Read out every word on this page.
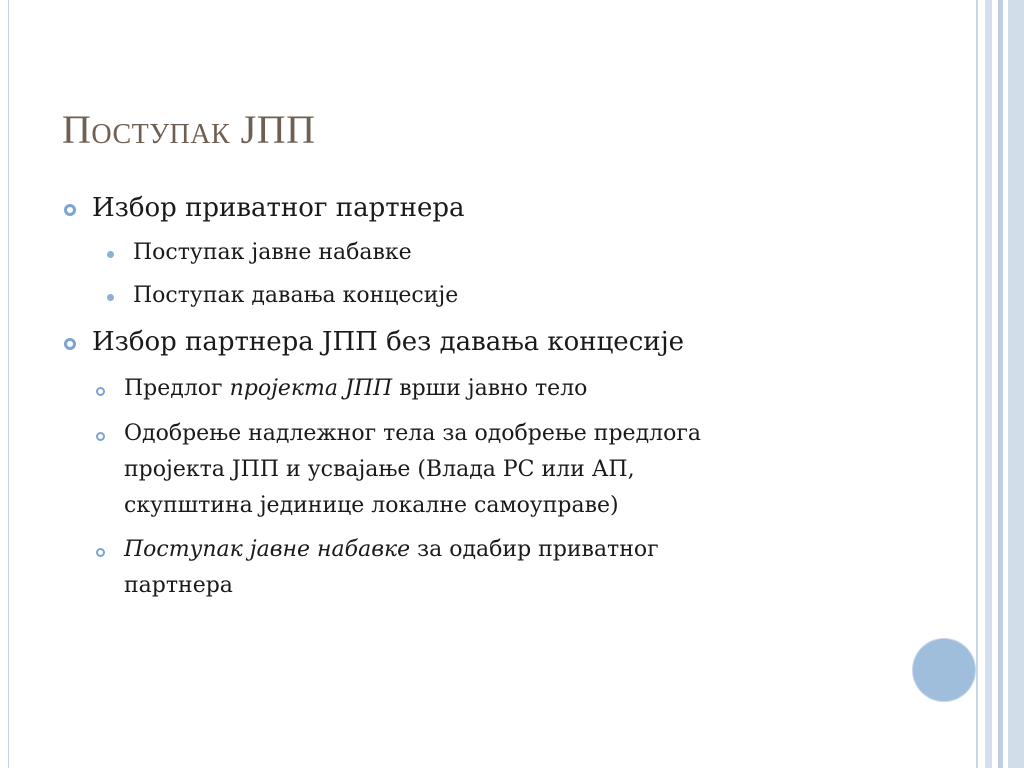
Поступак ЈПП
Избор приватног партнера
Поступак јавне набавке
Поступак давања концесије
Избор партнера ЈПП без давања концесије
Предлог пројекта ЈПП врши јавно тело
Одобрење надлежног тела за одобрење предлога
пројекта ЈПП и усвајање (Влада РС или АП,
скупштина јединице локалне самоуправе)
Поступак јавне набавке за одабир приватног
партнера
